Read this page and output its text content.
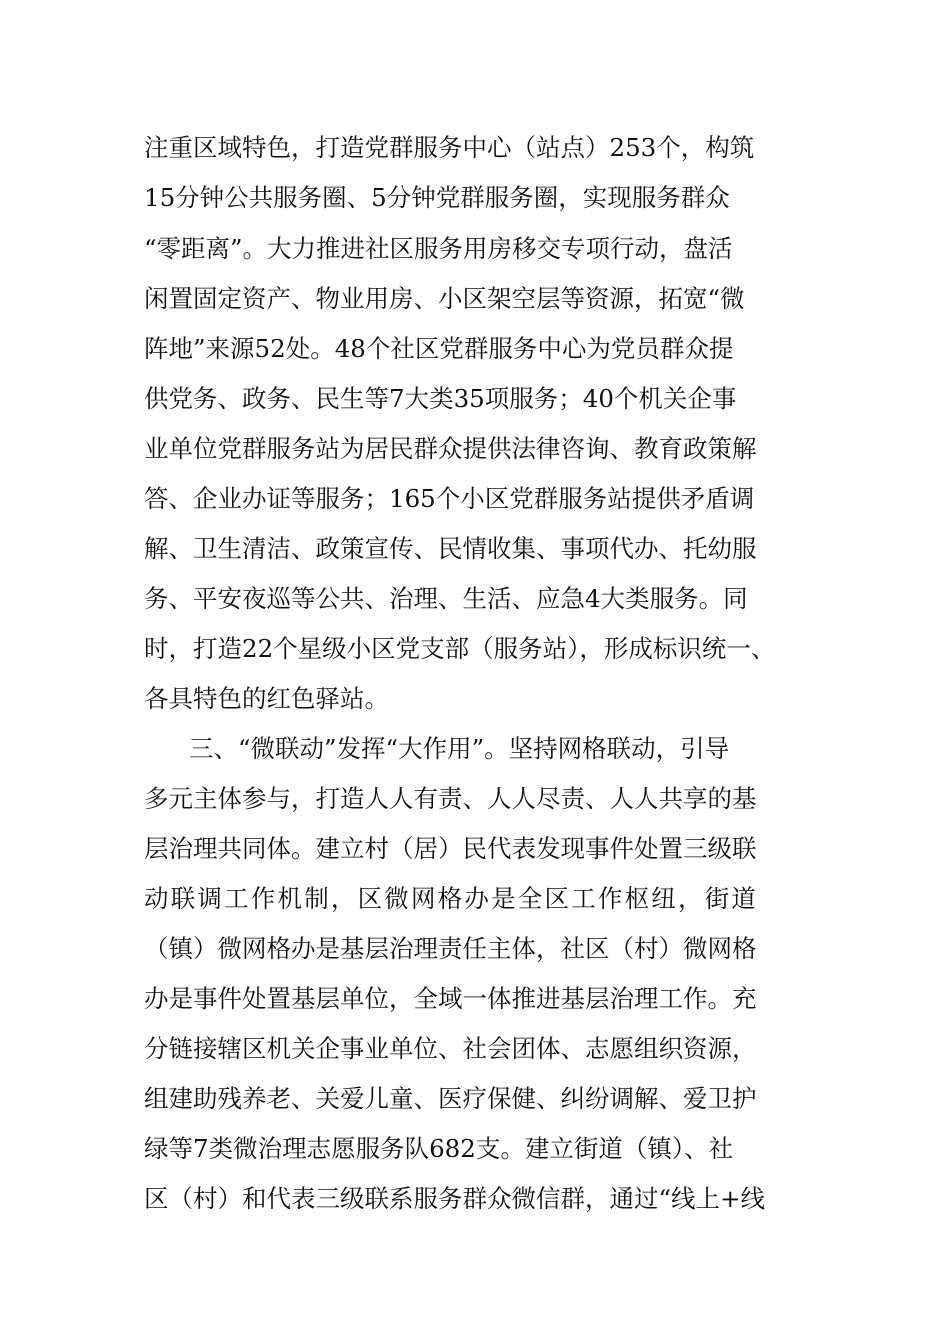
注重区域特色，打造党群服务中心（站点）253个，构筑
15分钟公共服务圈、5分钟党群服务圈，实现服务群众
“零距离”。大力推进社区服务用房移交专项行动，盘活
闲置固定资产、物业用房、小区架空层等资源，拓宽“微
阵地”来源52处。48个社区党群服务中心为党员群众提
供党务、政务、民生等7大类35项服务；40个机关企事
业单位党群服务站为居民群众提供法律咨询、教育政策解
答、企业办证等服务；165个小区党群服务站提供矛盾调
解、卫生清洁、政策宣传、民情收集、事项代办、托幼服
务、平安夜巡等公共、治理、生活、应急4大类服务。同
时，打造22个星级小区党支部（服务站），形成标识统一、
各具特色的红色驿站。
三、“微联动”发挥“大作用”。坚持网格联动，引导
多元主体参与，打造人人有责、人人尽责、人人共享的基
层治理共同体。建立村（居）民代表发现事件处置三级联
动联调工作机制，区微网格办是全区工作枢纽，街道
（镇）微网格办是基层治理责任主体，社区（村）微网格
办是事件处置基层单位，全域一体推进基层治理工作。充
分链接辖区机关企事业单位、社会团体、志愿组织资源，
组建助残养老、关爱儿童、医疗保健、纠纷调解、爱卫护
绿等7类微治理志愿服务队682支。建立街道（镇）、社
区（村）和代表三级联系服务群众微信群，通过“线上+线
